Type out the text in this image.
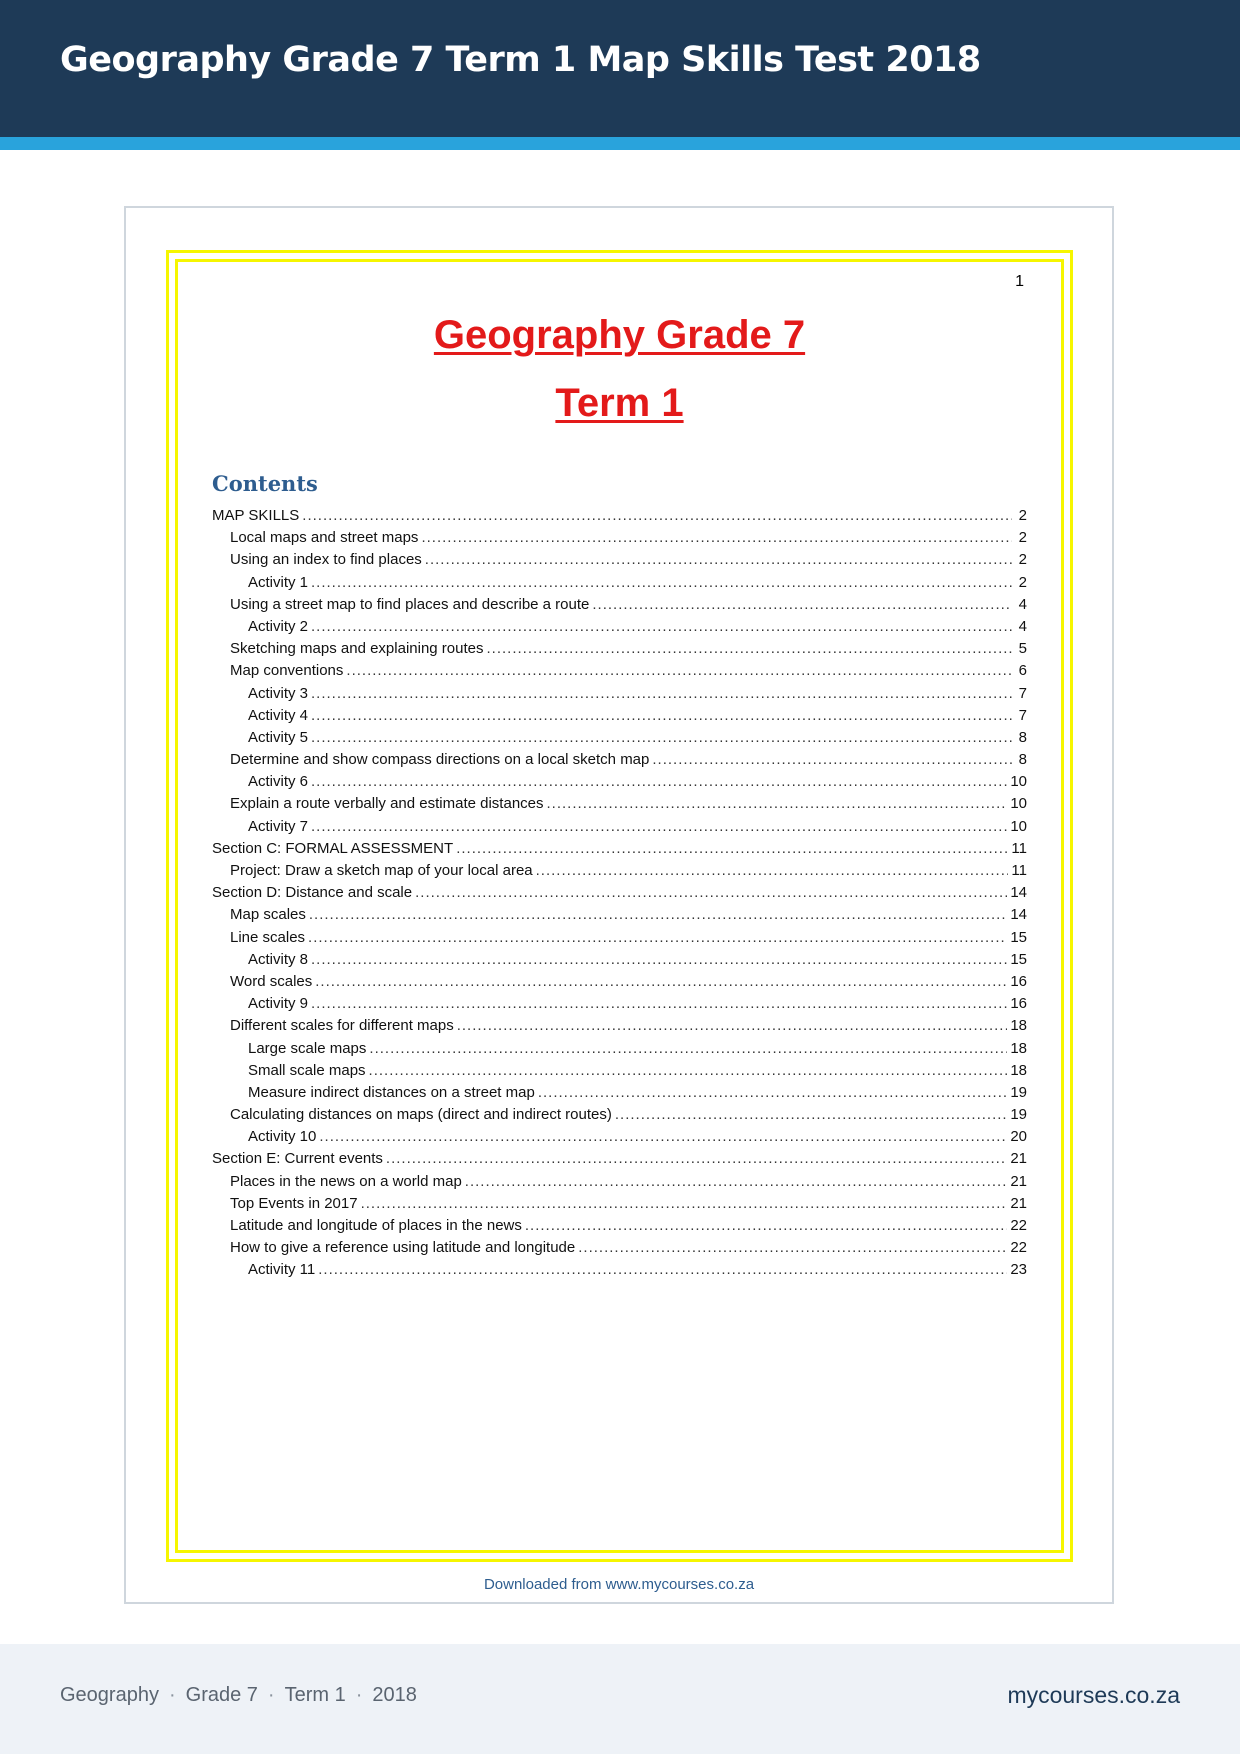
Geography Grade 7 Term 1 Map Skills Test 2018
1
Geography Grade 7
Term 1
Contents
MAP SKILLS .....	2
Local maps and street maps .....	2
Using an index to find places .....	2
Activity 1 .....	2
Using a street map to find places and describe a route .....	4
Activity 2 .....	4
Sketching maps and explaining routes .....	5
Map conventions .....	6
Activity 3 .....	7
Activity 4 .....	7
Activity 5 .....	8
Determine and show compass directions on a local sketch map .....	8
Activity 6 .....	10
Explain a route verbally and estimate distances .....	10
Activity 7 .....	10
Section C: FORMAL ASSESSMENT .....	11
Project: Draw a sketch map of your local area .....	11
Section D: Distance and scale .....	14
Map scales .....	14
Line scales .....	15
Activity 8 .....	15
Word scales .....	16
Activity 9 .....	16
Different scales for different maps .....	18
Large scale maps .....	18
Small scale maps .....	18
Measure indirect distances on a street map .....	19
Calculating distances on maps (direct and indirect routes) .....	19
Activity 10 .....	20
Section E: Current events .....	21
Places in the news on a world map .....	21
Top Events in 2017 .....	21
Latitude and longitude of places in the news .....	22
How to give a reference using latitude and longitude .....	22
Activity 11 .....	23
Downloaded from www.mycourses.co.za
Geography · Grade 7 · Term 1 · 2018	mycourses.co.za
